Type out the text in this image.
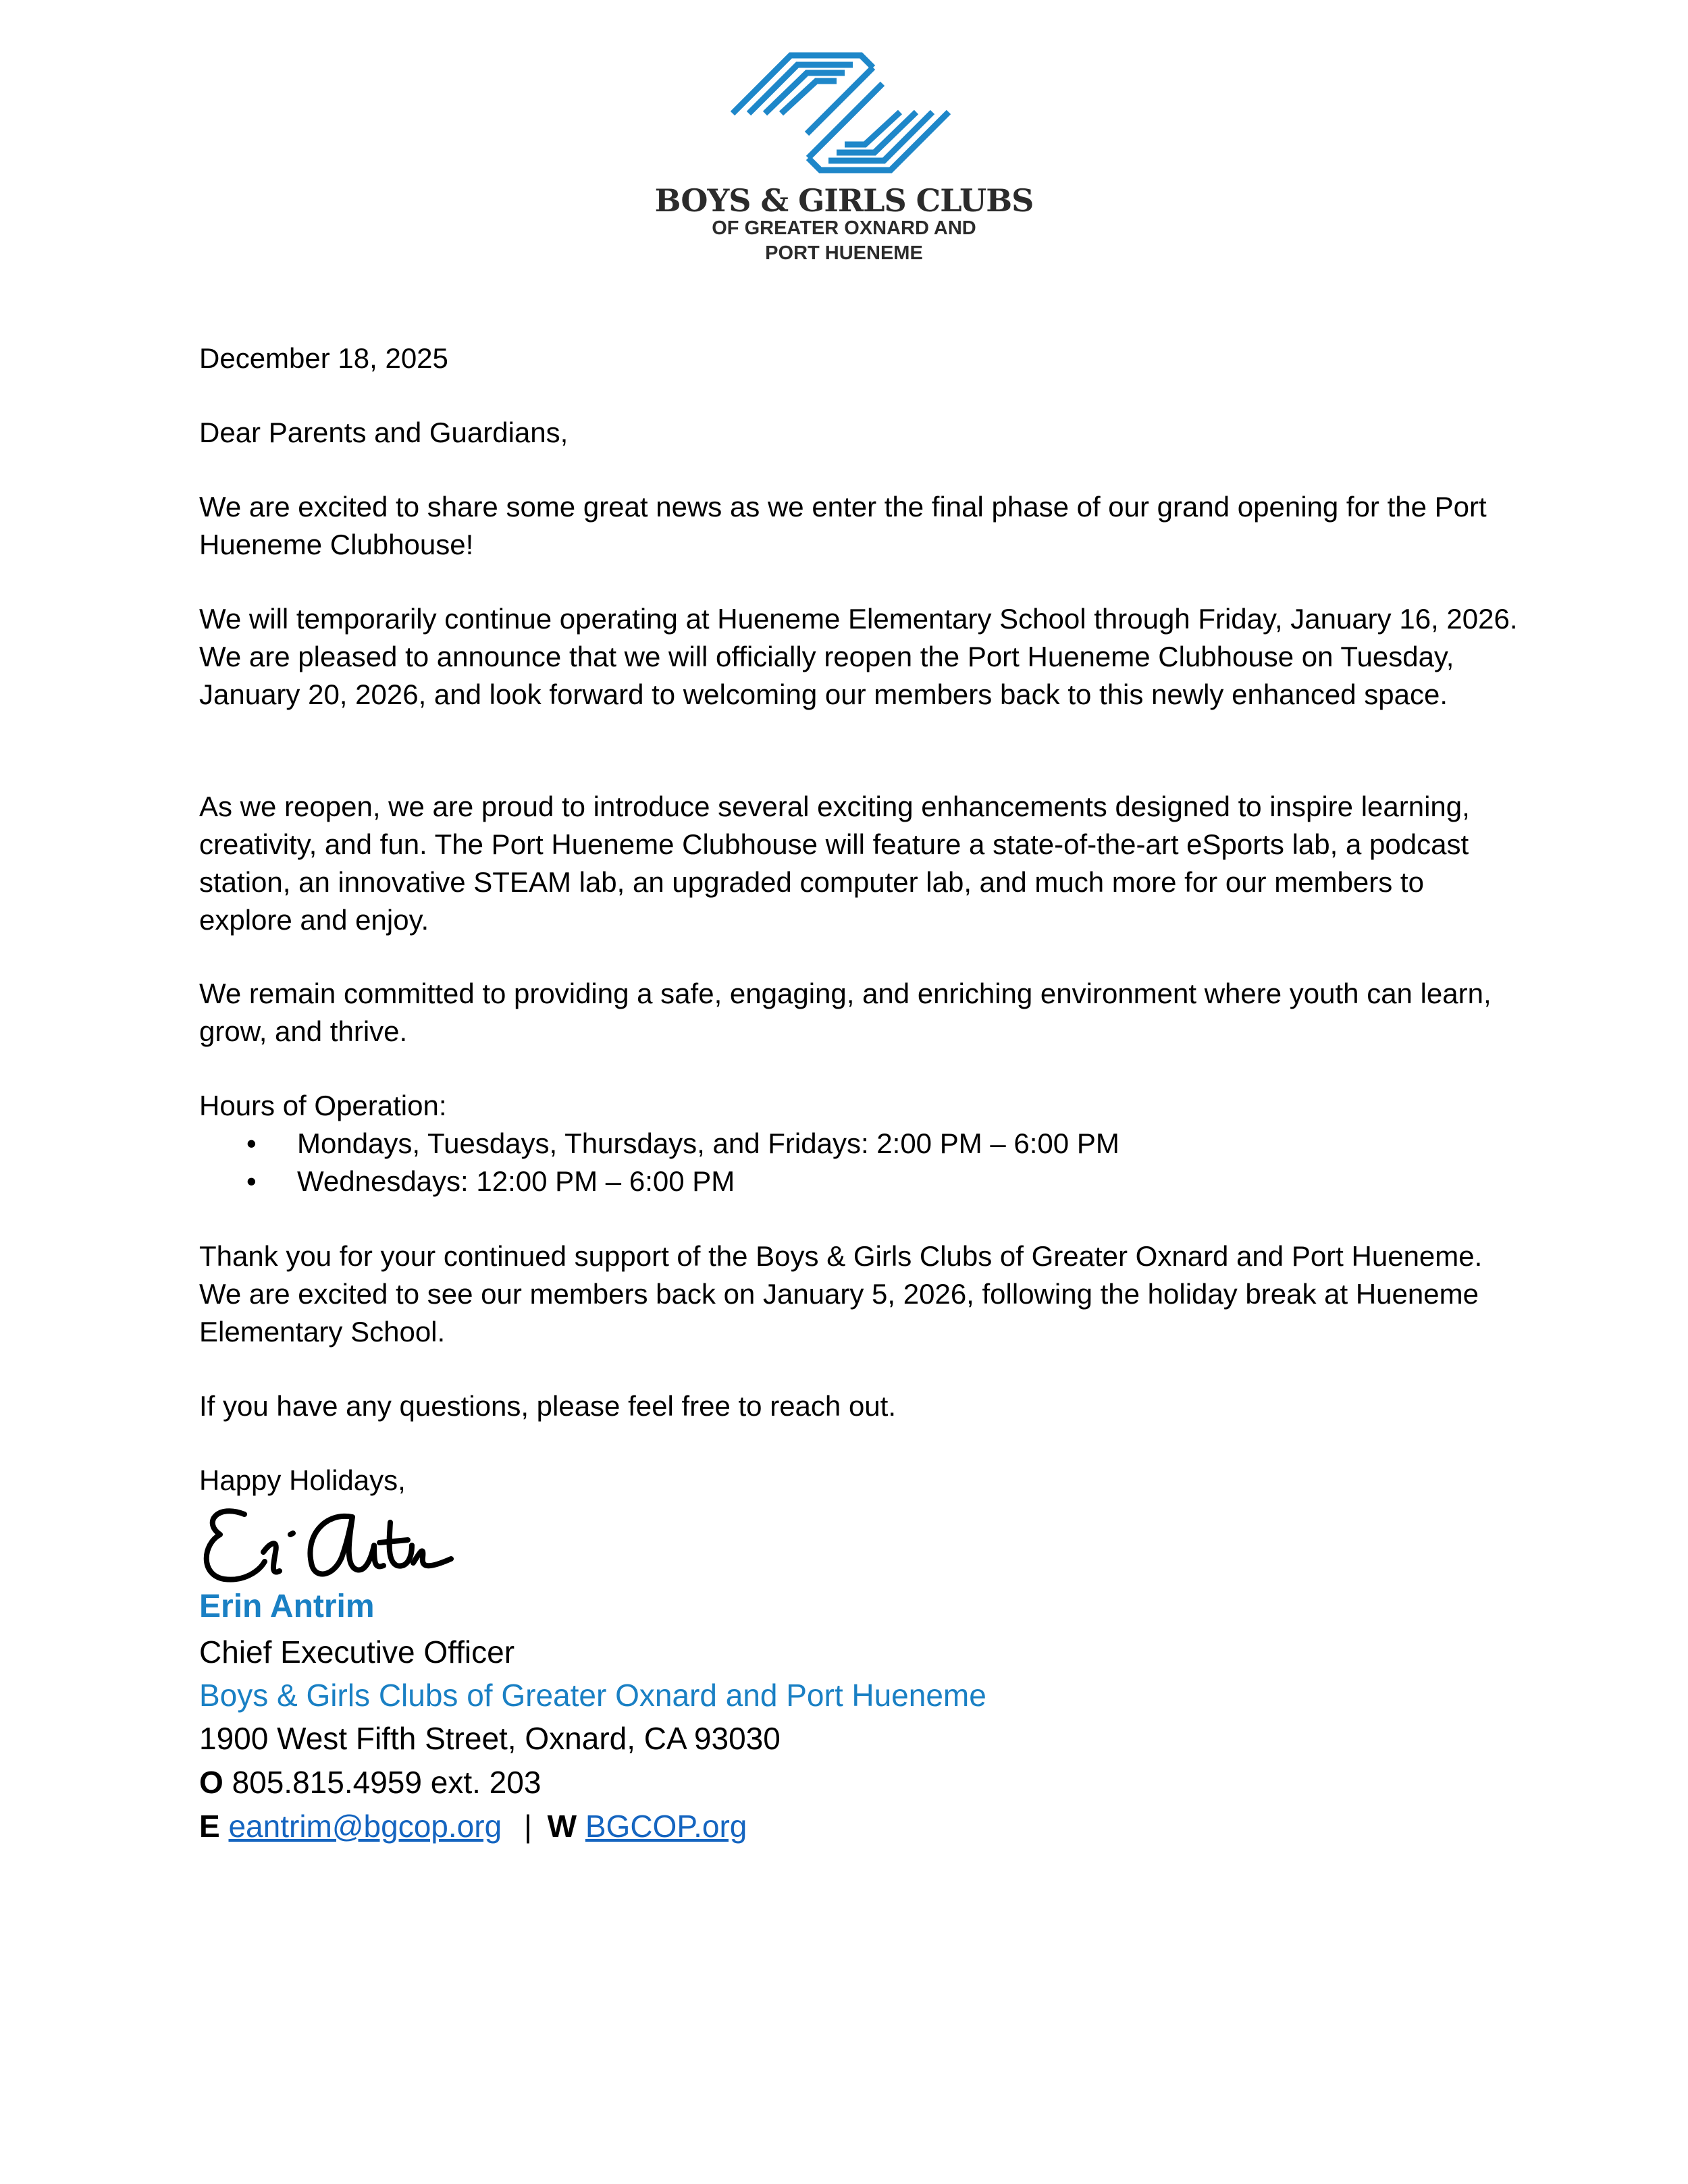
BOYS & GIRLS CLUBS
OF GREATER OXNARD AND
PORT HUENEME

December 18, 2025

Dear Parents and Guardians,

We are excited to share some great news as we enter the final phase of our grand opening for the Port Hueneme Clubhouse!

We will temporarily continue operating at Hueneme Elementary School through Friday, January 16, 2026. We are pleased to announce that we will officially reopen the Port Hueneme Clubhouse on Tuesday, January 20, 2026, and look forward to welcoming our members back to this newly enhanced space.

As we reopen, we are proud to introduce several exciting enhancements designed to inspire learning, creativity, and fun. The Port Hueneme Clubhouse will feature a state-of-the-art eSports lab, a podcast station, an innovative STEAM lab, an upgraded computer lab, and much more for our members to explore and enjoy.

We remain committed to providing a safe, engaging, and enriching environment where youth can learn, grow, and thrive.

Hours of Operation:

• Mondays, Tuesdays, Thursdays, and Fridays: 2:00 PM – 6:00 PM
• Wednesdays: 12:00 PM – 6:00 PM

Thank you for your continued support of the Boys & Girls Clubs of Greater Oxnard and Port Hueneme. We are excited to see our members back on January 5, 2026, following the holiday break at Hueneme Elementary School.

If you have any questions, please feel free to reach out.

Happy Holidays,

Erin Antrim
Chief Executive Officer
Boys & Girls Clubs of Greater Oxnard and Port Hueneme
1900 West Fifth Street, Oxnard, CA 93030
O 805.815.4959 ext. 203
E eantrim@bgcop.org | W BGCOP.org
